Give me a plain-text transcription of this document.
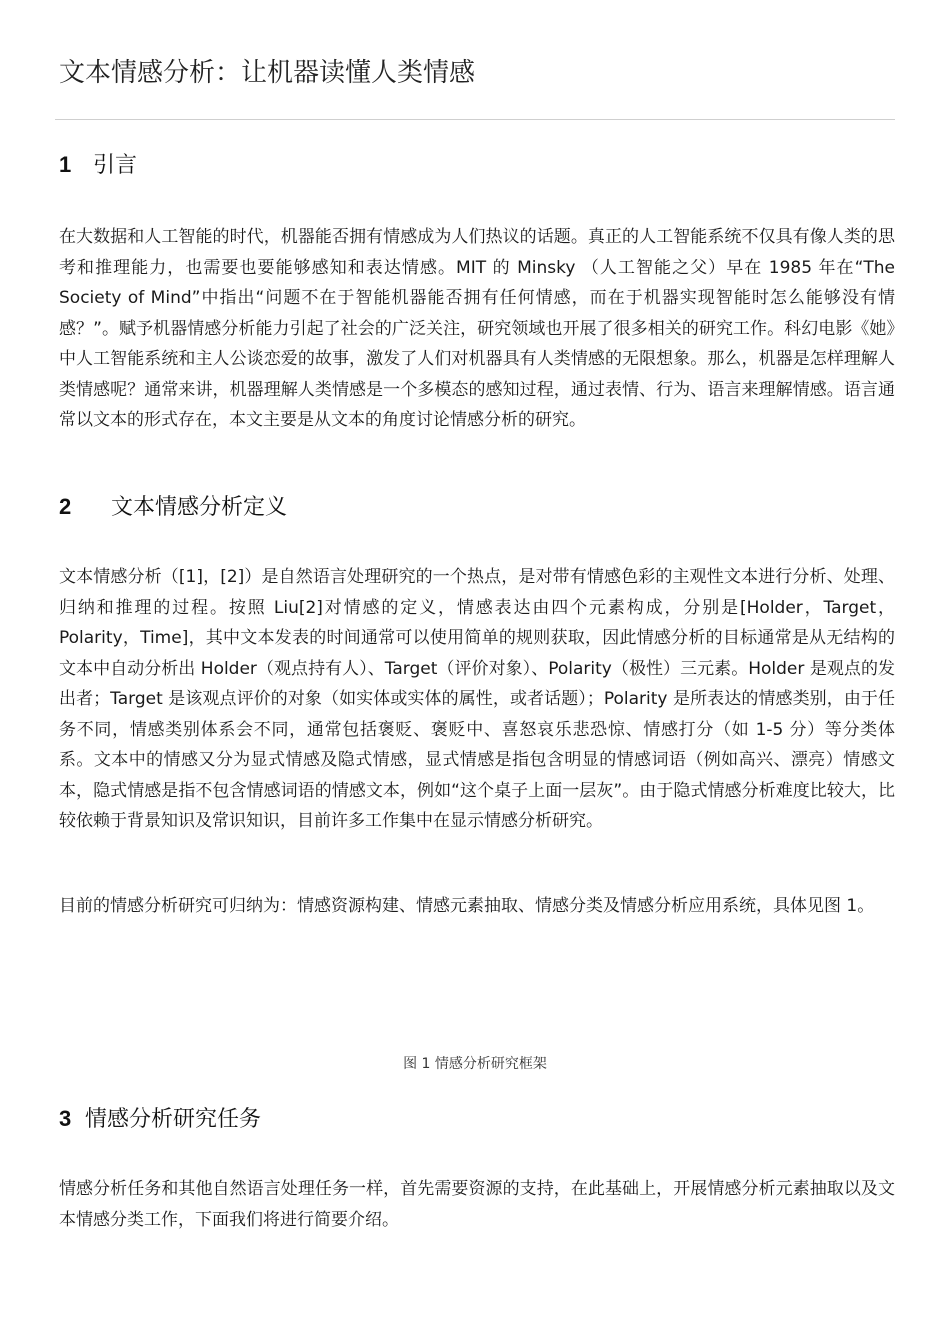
文本情感分析：让机器读懂人类情感
1 引言

在大数据和人工智能的时代，机器能否拥有情感成为人们热议的话题。真正的人工智能系统不仅具有像人类的思考和推理能力，也需要也要能够感知和表达情感。MIT 的 Minsky （人工智能之父）早在 1985 年在“The Society of Mind”中指出“问题不在于智能机器能否拥有任何情感，而在于机器实现智能时怎么能够没有情感？”。赋予机器情感分析能力引起了社会的广泛关注，研究领域也开展了很多相关的研究工作。科幻电影《她》中人工智能系统和主人公谈恋爱的故事，激发了人们对机器具有人类情感的无限想象。那么，机器是怎样理解人类情感呢？通常来讲，机器理解人类情感是一个多模态的感知过程，通过表情、行为、语言来理解情感。语言通常以文本的形式存在，本文主要是从文本的角度讨论情感分析的研究。

2 文本情感分析定义

文本情感分析（[1]，[2]）是自然语言处理研究的一个热点，是对带有情感色彩的主观性文本进行分析、处理、归纳和推理的过程。按照 Liu[2]对情感的定义，情感表达由四个元素构成，分别是[Holder，Target，Polarity，Time]，其中文本发表的时间通常可以使用简单的规则获取，因此情感分析的目标通常是从无结构的文本中自动分析出 Holder（观点持有人）、Target（评价对象）、Polarity（极性）三元素。Holder 是观点的发出者；Target 是该观点评价的对象（如实体或实体的属性，或者话题）；Polarity 是所表达的情感类别，由于任务不同，情感类别体系会不同，通常包括褒贬、褒贬中、喜怒哀乐悲恐惊、情感打分（如 1-5 分）等分类体系。文本中的情感又分为显式情感及隐式情感，显式情感是指包含明显的情感词语（例如高兴、漂亮）情感文本，隐式情感是指不包含情感词语的情感文本，例如“这个桌子上面一层灰”。由于隐式情感分析难度比较大，比较依赖于背景知识及常识知识，目前许多工作集中在显示情感分析研究。

目前的情感分析研究可归纳为：情感资源构建、情感元素抽取、情感分类及情感分析应用系统，具体见图 1。

图 1 情感分析研究框架

3 情感分析研究任务

情感分析任务和其他自然语言处理任务一样，首先需要资源的支持，在此基础上，开展情感分析元素抽取以及文本情感分类工作，下面我们将进行简要介绍。
